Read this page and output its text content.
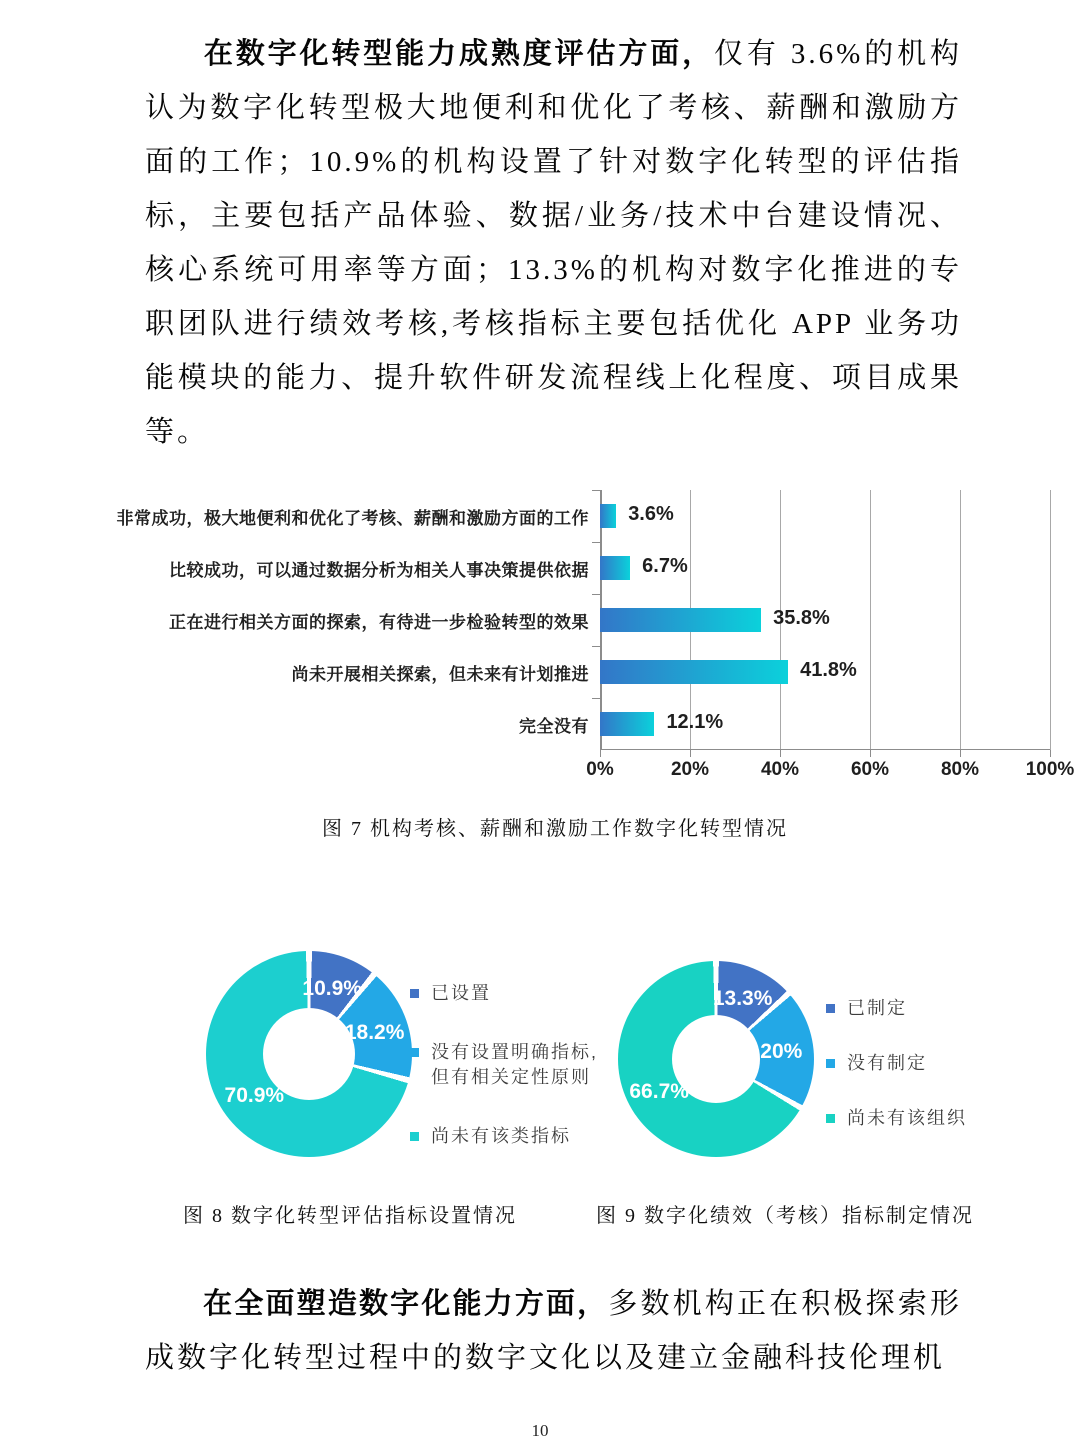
在数字化转型能力成熟度评估方面，仅有 3.6%的机构认为数字化转型极大地便利和优化了考核、薪酬和激励方面的工作；10.9%的机构设置了针对数字化转型的评估指标，主要包括产品体验、数据/业务/技术中台建设情况、核心系统可用率等方面；13.3%的机构对数字化推进的专职团队进行绩效考核,考核指标主要包括优化 APP 业务功能模块的能力、提升软件研发流程线上化程度、项目成果等。

非常成功，极大地便利和优化了考核、薪酬和激励方面的工作	3.6%
比较成功，可以通过数据分析为相关人事决策提供依据	6.7%
正在进行相关方面的探索，有待进一步检验转型的效果	35.8%
尚未开展相关探索，但未来有计划推进	41.8%
完全没有	12.1%
0%	20%	40%	60%	80% 100%
图 7 机构考核、薪酬和激励工作数字化转型情况
10.9%
18.2%
70.9%
已设置
没有设置明确指标,
但有相关定性原则
尚未有该类指标
13.3%
20%
66.7%
已制定
没有制定
尚未有该组织
图 8 数字化转型评估指标设置情况	图 9 数字化绩效（考核）指标制定情况

在全面塑造数字化能力方面，多数机构正在积极探索形成数字化转型过程中的数字文化以及建立金融科技伦理机

10
